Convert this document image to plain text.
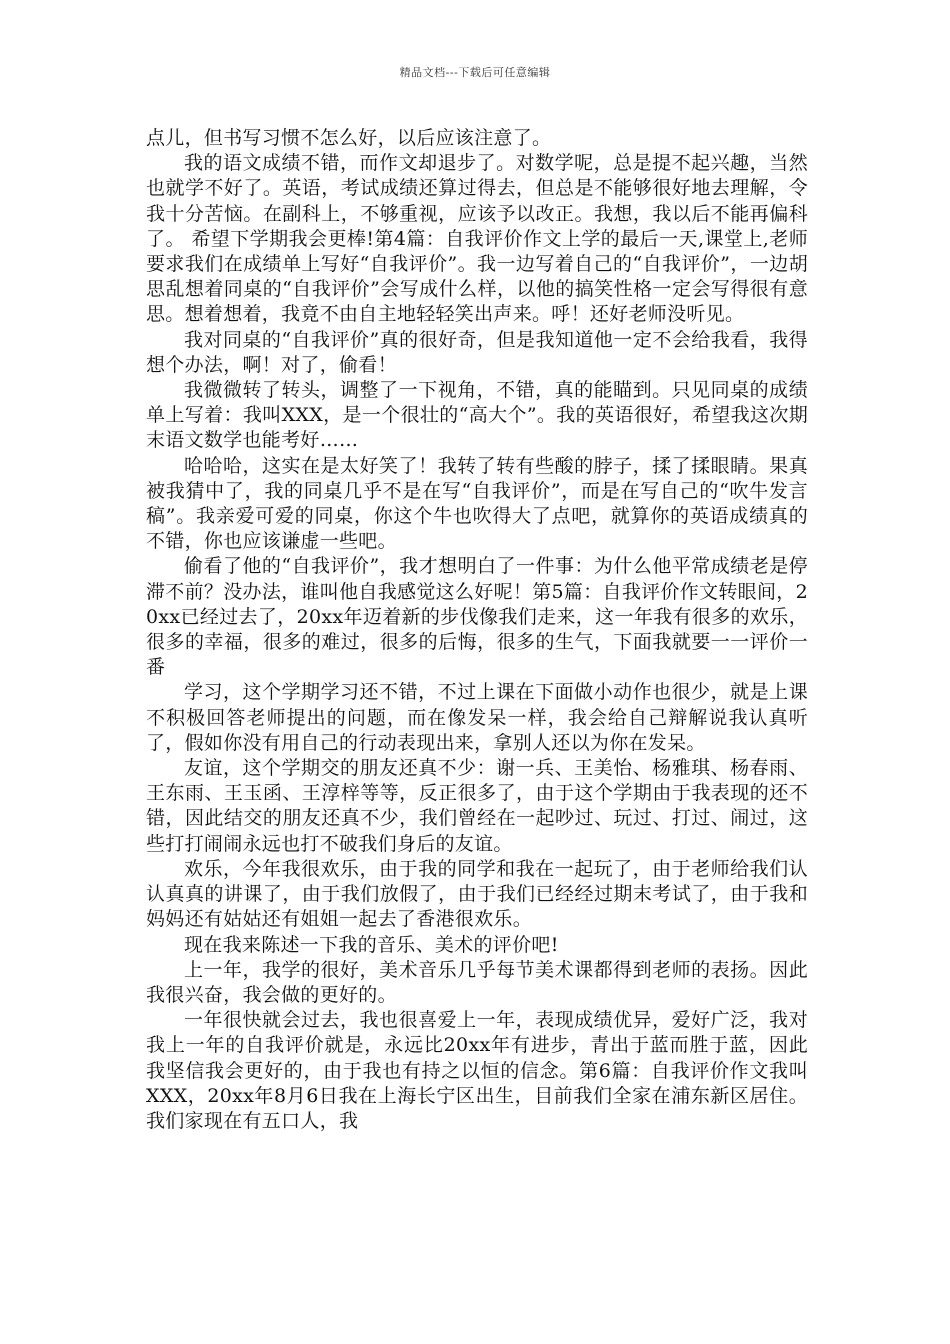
精品文档---下载后可任意编辑

点儿，但书写习惯不怎么好，以后应该注意了。

我的语文成绩不错，而作文却退步了。对数学呢，总是提不起兴趣，当然也就学不好了。英语，考试成绩还算过得去，但总是不能够很好地去理解，令我十分苦恼。在副科上，不够重视，应该予以改正。我想，我以后不能再偏科了。 希望下学期我会更棒!第4篇：自我评价作文上学的最后一天,课堂上,老师要求我们在成绩单上写好“自我评价”。我一边写着自己的“自我评价”，一边胡思乱想着同桌的“自我评价”会写成什么样，以他的搞笑性格一定会写得很有意思。想着想着，我竟不由自主地轻轻笑出声来。呼！还好老师没听见。

我对同桌的“自我评价”真的很好奇，但是我知道他一定不会给我看，我得想个办法，啊！对了，偷看！

我微微转了转头，调整了一下视角，不错，真的能瞄到。只见同桌的成绩单上写着：我叫XXX，是一个很壮的“高大个”。我的英语很好，希望我这次期末语文数学也能考好……

哈哈哈，这实在是太好笑了！我转了转有些酸的脖子，揉了揉眼睛。果真被我猜中了，我的同桌几乎不是在写“自我评价”，而是在写自己的“吹牛发言稿”。我亲爱可爱的同桌，你这个牛也吹得大了点吧，就算你的英语成绩真的不错，你也应该谦虚一些吧。

偷看了他的“自我评价”，我才想明白了一件事：为什么他平常成绩老是停滞不前？没办法，谁叫他自我感觉这么好呢！第5篇：自我评价作文转眼间，20xx已经过去了，20xx年迈着新的步伐像我们走来，这一年我有很多的欢乐，很多的幸福，很多的难过，很多的后悔，很多的生气，下面我就要一一评价一番

学习，这个学期学习还不错，不过上课在下面做小动作也很少，就是上课不积极回答老师提出的问题，而在像发呆一样，我会给自己辩解说我认真听了，假如你没有用自己的行动表现出来，拿别人还以为你在发呆。

友谊，这个学期交的朋友还真不少：谢一兵、王美怡、杨雅琪、杨春雨、王东雨、王玉函、王淳梓等等，反正很多了，由于这个学期由于我表现的还不错，因此结交的朋友还真不少，我们曾经在一起吵过、玩过、打过、闹过，这些打打闹闹永远也打不破我们身后的友谊。

欢乐，今年我很欢乐，由于我的同学和我在一起玩了，由于老师给我们认认真真的讲课了，由于我们放假了，由于我们已经经过期末考试了，由于我和妈妈还有姑姑还有姐姐一起去了香港很欢乐。

现在我来陈述一下我的音乐、美术的评价吧!

上一年，我学的很好，美术音乐几乎每节美术课都得到老师的表扬。因此我很兴奋，我会做的更好的。

一年很快就会过去，我也很喜爱上一年，表现成绩优异，爱好广泛，我对我上一年的自我评价就是，永远比20xx年有进步，青出于蓝而胜于蓝，因此我坚信我会更好的，由于我也有持之以恒的信念。第6篇：自我评价作文我叫XXX，20xx年8月6日我在上海长宁区出生，目前我们全家在浦东新区居住。我们家现在有五口人，我
